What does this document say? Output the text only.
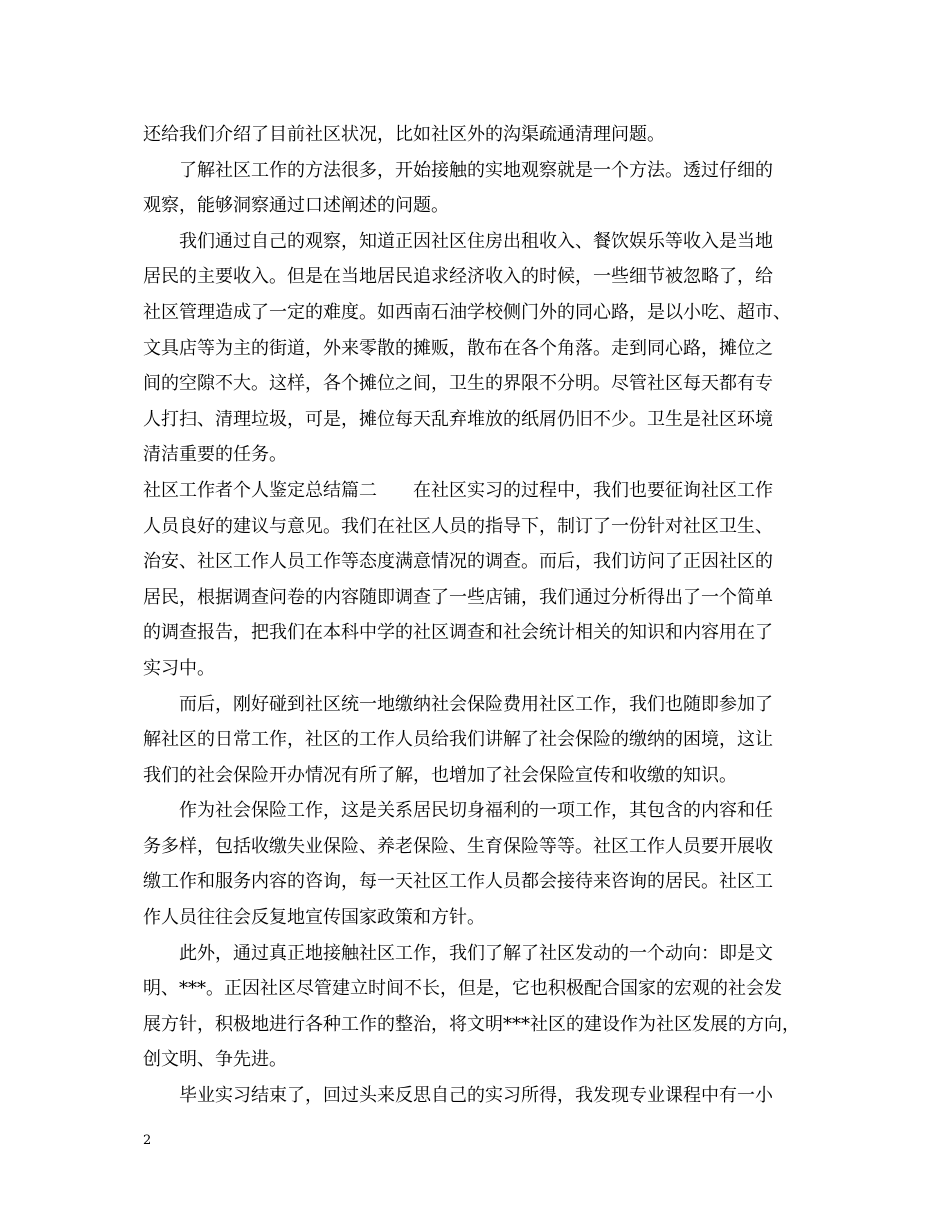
还给我们介绍了目前社区状况，比如社区外的沟渠疏通清理问题。
了解社区工作的方法很多，开始接触的实地观察就是一个方法。透过仔细的
观察，能够洞察通过口述阐述的问题。
我们通过自己的观察，知道正因社区住房出租收入、餐饮娱乐等收入是当地
居民的主要收入。但是在当地居民追求经济收入的时候，一些细节被忽略了，给
社区管理造成了一定的难度。如西南石油学校侧门外的同心路，是以小吃、超市、
文具店等为主的街道，外来零散的摊贩，散布在各个角落。走到同心路，摊位之
间的空隙不大。这样，各个摊位之间，卫生的界限不分明。尽管社区每天都有专
人打扫、清理垃圾，可是，摊位每天乱弃堆放的纸屑仍旧不少。卫生是社区环境
清洁重要的任务。
社区工作者个人鉴定总结篇二　　在社区实习的过程中，我们也要征询社区工作
人员良好的建议与意见。我们在社区人员的指导下，制订了一份针对社区卫生、
治安、社区工作人员工作等态度满意情况的调查。而后，我们访问了正因社区的
居民，根据调查问卷的内容随即调查了一些店铺，我们通过分析得出了一个简单
的调查报告，把我们在本科中学的社区调查和社会统计相关的知识和内容用在了
实习中。
而后，刚好碰到社区统一地缴纳社会保险费用社区工作，我们也随即参加了
解社区的日常工作，社区的工作人员给我们讲解了社会保险的缴纳的困境，这让
我们的社会保险开办情况有所了解，也增加了社会保险宣传和收缴的知识。
作为社会保险工作，这是关系居民切身福利的一项工作，其包含的内容和任
务多样，包括收缴失业保险、养老保险、生育保险等等。社区工作人员要开展收
缴工作和服务内容的咨询，每一天社区工作人员都会接待来咨询的居民。社区工
作人员往往会反复地宣传国家政策和方针。
此外，通过真正地接触社区工作，我们了解了社区发动的一个动向：即是文
明、***。正因社区尽管建立时间不长，但是，它也积极配合国家的宏观的社会发
展方针，积极地进行各种工作的整治，将文明***社区的建设作为社区发展的方向，
创文明、争先进。
毕业实习结束了，回过头来反思自己的实习所得，我发现专业课程中有一小
2
